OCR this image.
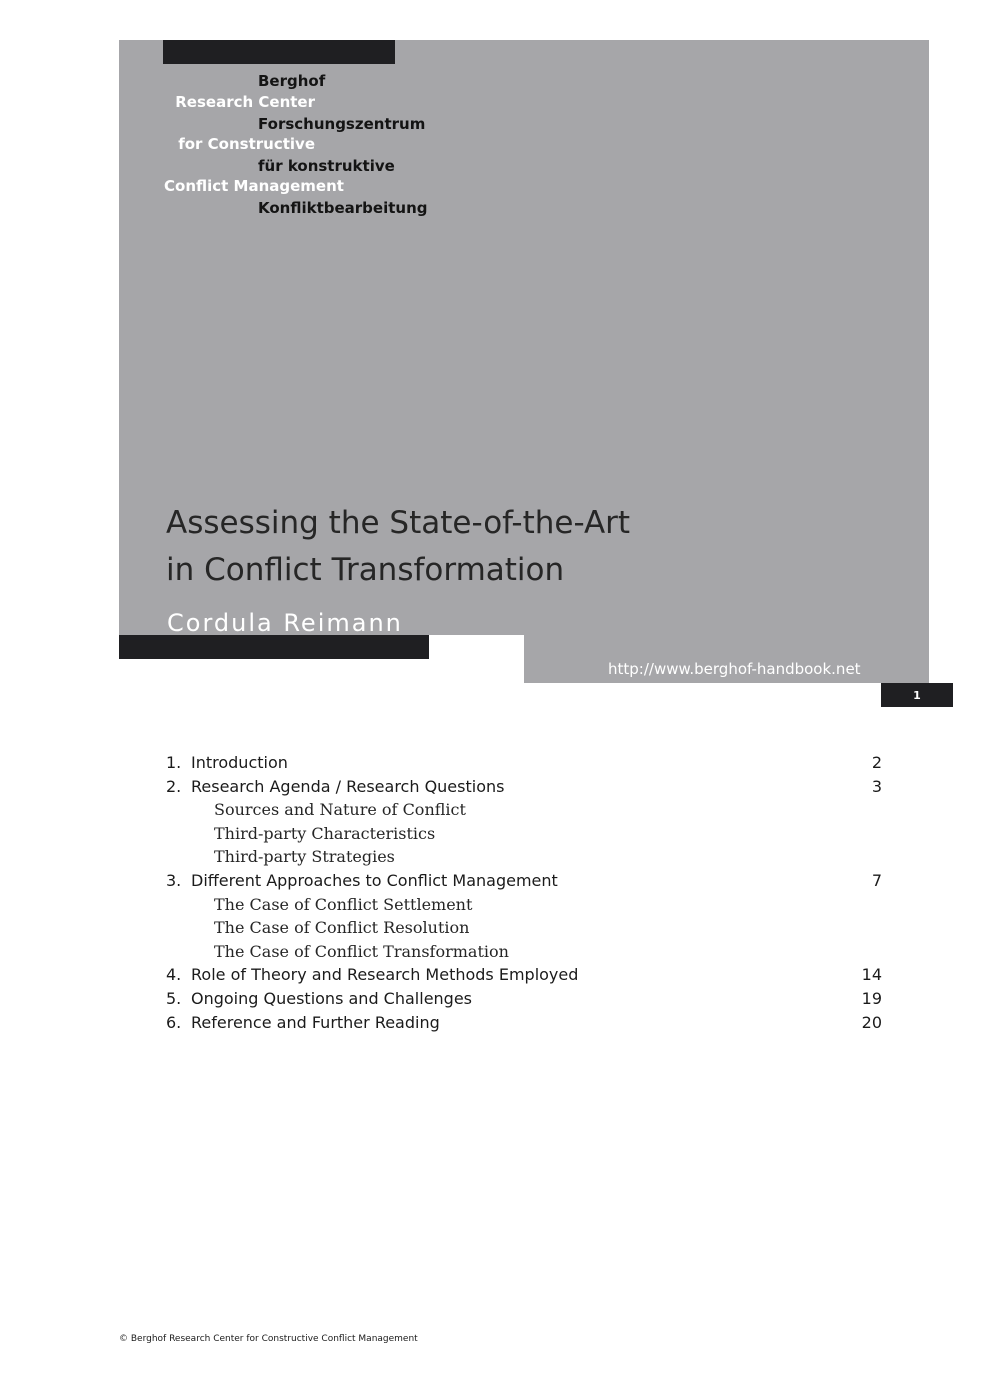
Berghof
Research Center
Forschungszentrum
for Constructive
für konstruktive
Conflict Management
Konfliktbearbeitung
Assessing the State-of-the-Art
in Conflict Transformation
Cordula Reimann
http://www.berghof-handbook.net
1
1. Introduction	2
2. Research Agenda / Research Questions	3
Sources and Nature of Conflict
Third-party Characteristics
Third-party Strategies
3. Different Approaches to Conflict Management	7
The Case of Conflict Settlement
The Case of Conflict Resolution
The Case of Conflict Transformation
4. Role of Theory and Research Methods Employed	14
5. Ongoing Questions and Challenges	19
6. Reference and Further Reading	20
© Berghof Research Center for Constructive Conflict Management
